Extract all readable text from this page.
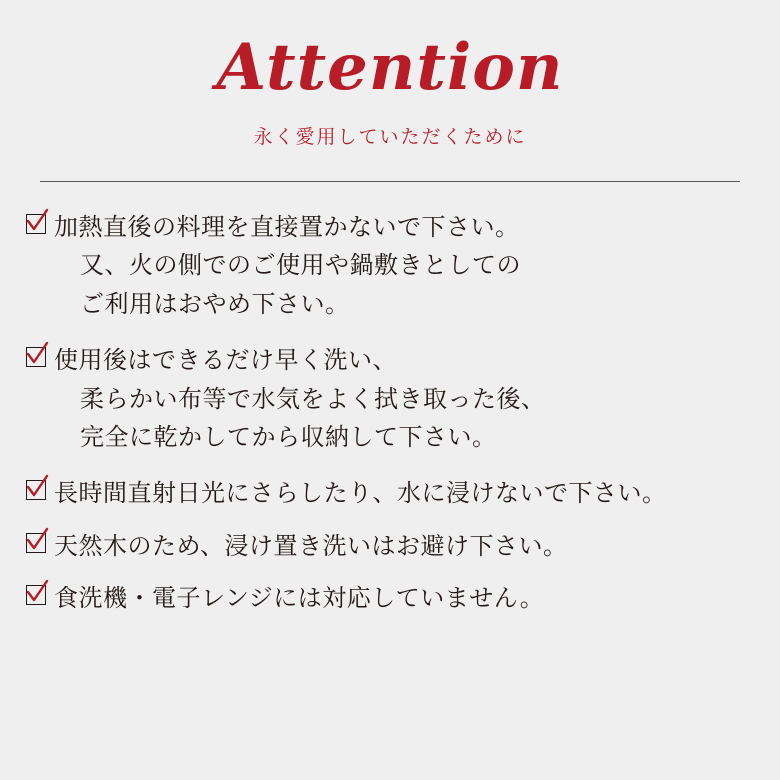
Attention
永く愛用していただくために
加熱直後の料理を直接置かないで下さい。
又、火の側でのご使用や鍋敷きとしての
ご利用はおやめ下さい。
使用後はできるだけ早く洗い、
柔らかい布等で水気をよく拭き取った後、
完全に乾かしてから収納して下さい。
長時間直射日光にさらしたり、水に浸けないで下さい。
天然木のため、浸け置き洗いはお避け下さい。
食洗機・電子レンジには対応していません。
